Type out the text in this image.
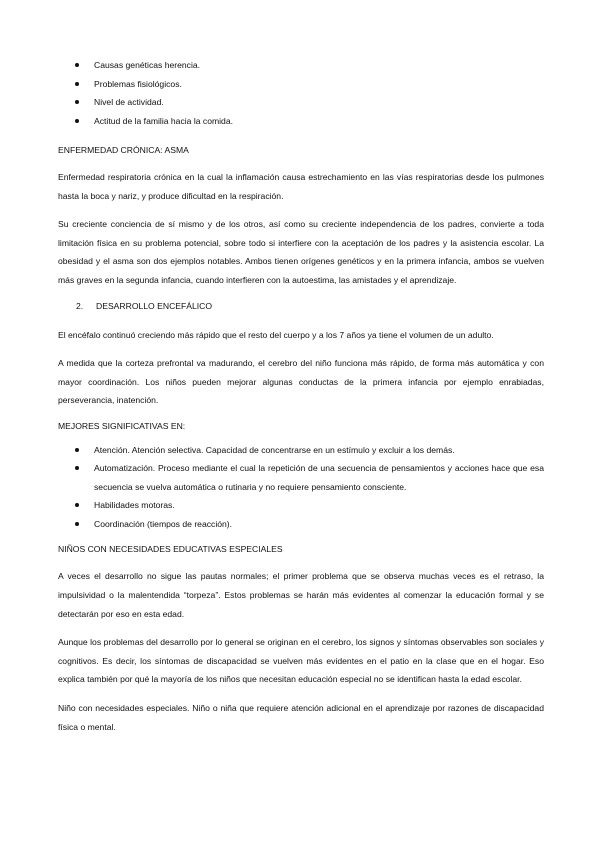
Causas genéticas herencia.
Problemas fisiológicos.
Nivel de actividad.
Actitud de la familia hacia la comida.
ENFERMEDAD CRÓNICA: ASMA

Enfermedad respiratoria crónica en la cual la inflamación causa estrechamiento en las vías respiratorias desde los pulmones hasta la boca y nariz, y produce dificultad en la respiración.

Su creciente conciencia de sí mismo y de los otros, así como su creciente independencia de los padres, convierte a toda limitación física en su problema potencial, sobre todo si interfiere con la aceptación de los padres y la asistencia escolar. La obesidad y el asma son dos ejemplos notables. Ambos tienen orígenes genéticos y en la primera infancia, ambos se vuelven más graves en la segunda infancia, cuando interfieren con la autoestima, las amistades y el aprendizaje.

2. DESARROLLO ENCEFÁLICO

El encéfalo continuó creciendo más rápido que el resto del cuerpo y a los 7 años ya tiene el volumen de un adulto.

A medida que la corteza prefrontal va madurando, el cerebro del niño funciona más rápido, de forma más automática y con mayor coordinación. Los niños pueden mejorar algunas conductas de la primera infancia por ejemplo enrabiadas, perseverancia, inatención.

MEJORES SIGNIFICATIVAS EN:
Atención. Atención selectiva. Capacidad de concentrarse en un estímulo y excluir a los demás.
Automatización. Proceso mediante el cual la repetición de una secuencia de pensamientos y acciones hace que esa secuencia se vuelva automática o rutinaria y no requiere pensamiento consciente.
Habilidades motoras.
Coordinación (tiempos de reacción).
NIÑOS CON NECESIDADES EDUCATIVAS ESPECIALES

A veces el desarrollo no sigue las pautas normales; el primer problema que se observa muchas veces es el retraso, la impulsividad o la malentendida “torpeza”. Estos problemas se harán más evidentes al comenzar la educación formal y se detectarán por eso en esta edad.

Aunque los problemas del desarrollo por lo general se originan en el cerebro, los signos y síntomas observables son sociales y cognitivos. Es decir, los síntomas de discapacidad se vuelven más evidentes en el patio en la clase que en el hogar. Eso explica también por qué la mayoría de los niños que necesitan educación especial no se identifican hasta la edad escolar.

Niño con necesidades especiales. Niño o niña que requiere atención adicional en el aprendizaje por razones de discapacidad física o mental.
